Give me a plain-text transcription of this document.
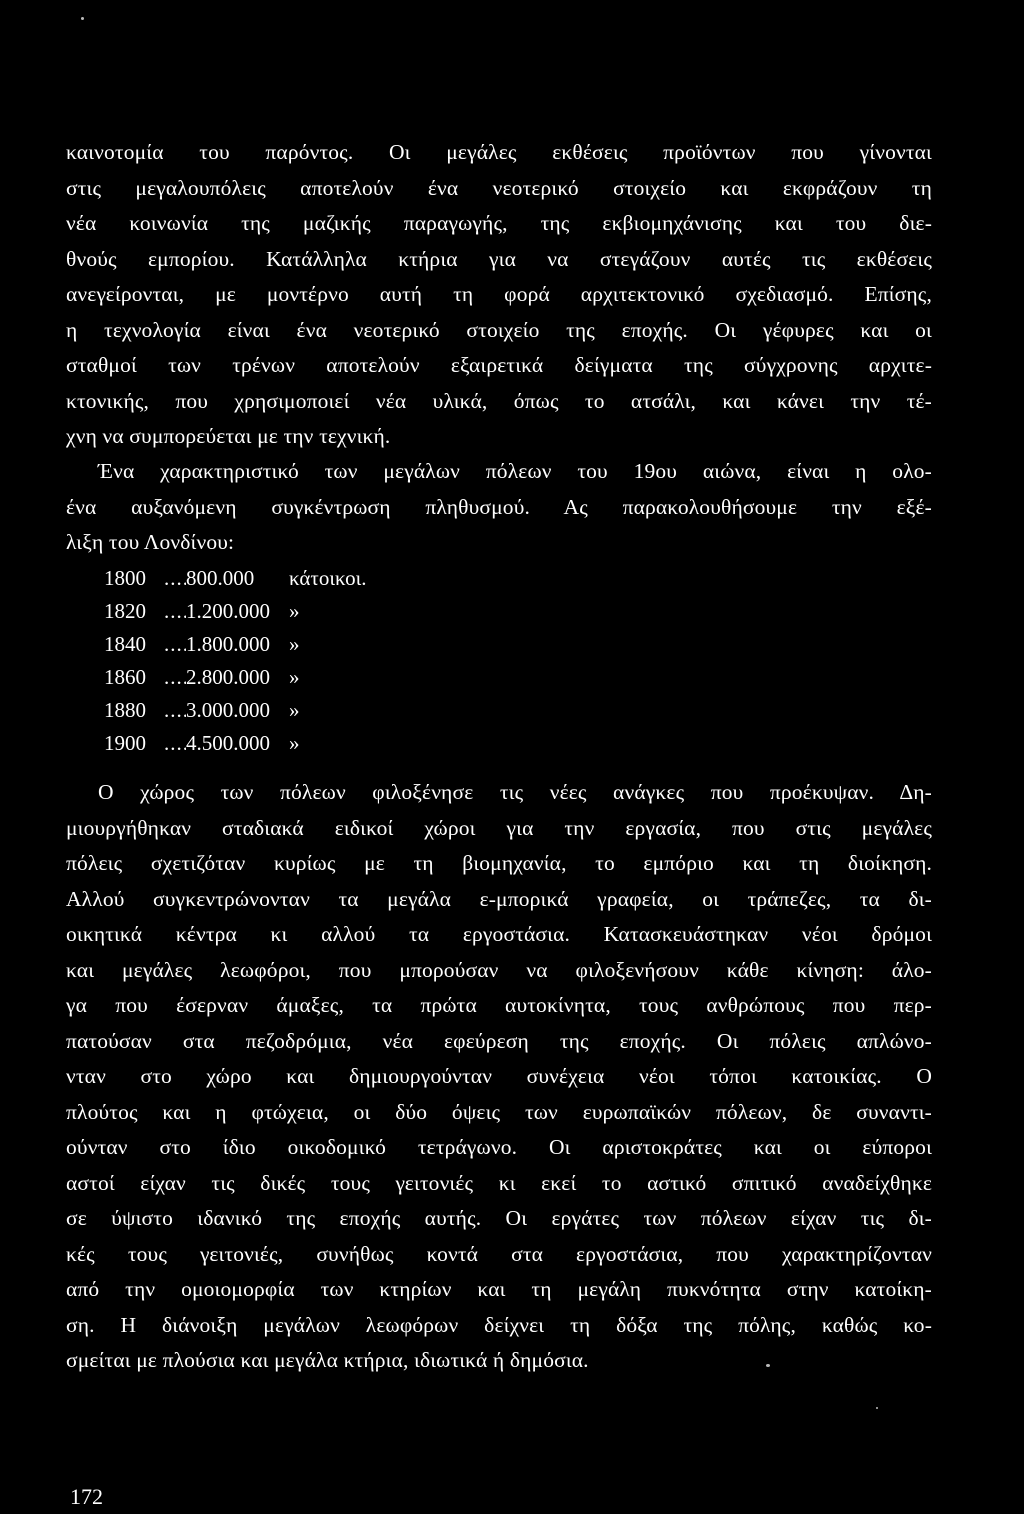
καινοτομία του παρόντος. Οι μεγάλες εκθέσεις προϊόντων που γίνονται
στις μεγαλουπόλεις αποτελούν ένα νεοτερικό στοιχείο και εκφράζουν τη
νέα κοινωνία της μαζικής παραγωγής, της εκβιομηχάνισης και του διε-
θνούς εμπορίου. Κατάλληλα κτήρια για να στεγάζουν αυτές τις εκθέσεις
ανεγείρονται, με μοντέρνο αυτή τη φορά αρχιτεκτονικό σχεδιασμό. Επίσης,
η τεχνολογία είναι ένα νεοτερικό στοιχείο της εποχής. Οι γέφυρες και οι
σταθμοί των τρένων αποτελούν εξαιρετικά δείγματα της σύγχρονης αρχιτε-
κτονικής, που χρησιμοποιεί νέα υλικά, όπως το ατσάλι, και κάνει την τέ-
χνη να συμπορεύεται με την τεχνική.
Ένα χαρακτηριστικό των μεγάλων πόλεων του 19ου αιώνα, είναι η ολο-
ένα αυξανόμενη συγκέντρωση πληθυσμού. Ας παρακολουθήσουμε την εξέ-
λιξη του Λονδίνου:
1800 .....	800.000	κάτοικοι.
1820 .....	1.200.000 »
1840 .....	1.800.000 »
1860 .....	2.800.000 »
1880 .....	3.000.000 »
1900 .....	4.500.000 »
Ο χώρος των πόλεων φιλοξένησε τις νέες ανάγκες που προέκυψαν. Δη-
μιουργήθηκαν σταδιακά ειδικοί χώροι για την εργασία, που στις μεγάλες
πόλεις σχετιζόταν κυρίως με τη βιομηχανία, το εμπόριο και τη διοίκηση.
Αλλού συγκεντρώνονταν τα μεγάλα ε-μπορικά γραφεία, οι τράπεζες, τα δι-
οικητικά κέντρα κι αλλού τα εργοστάσια. Κατασκευάστηκαν νέοι δρόμοι
και μεγάλες λεωφόροι, που μπορούσαν να φιλοξενήσουν κάθε κίνηση: άλο-
γα που έσερναν άμαξες, τα πρώτα αυτοκίνητα, τους ανθρώπους που περ-
πατούσαν στα πεζοδρόμια, νέα εφεύρεση της εποχής. Οι πόλεις απλώνο-
νταν στο χώρο και δημιουργούνταν συνέχεια νέοι τόποι κατοικίας. Ο
πλούτος και η φτώχεια, οι δύο όψεις των ευρωπαϊκών πόλεων, δε συναντι-
ούνταν στο ίδιο οικοδομικό τετράγωνο. Οι αριστοκράτες και οι εύποροι
αστοί είχαν τις δικές τους γειτονιές κι εκεί το αστικό σπιτικό αναδείχθηκε
σε ύψιστο ιδανικό της εποχής αυτής. Οι εργάτες των πόλεων είχαν τις δι-
κές τους γειτονιές, συνήθως κοντά στα εργοστάσια, που χαρακτηρίζονταν
από την ομοιομορφία των κτηρίων και τη μεγάλη πυκνότητα στην κατοίκη-
ση. Η διάνοιξη μεγάλων λεωφόρων δείχνει τη δόξα της πόλης, καθώς κο-
σμείται με πλούσια και μεγάλα κτήρια, ιδιωτικά ή δημόσια.
172
